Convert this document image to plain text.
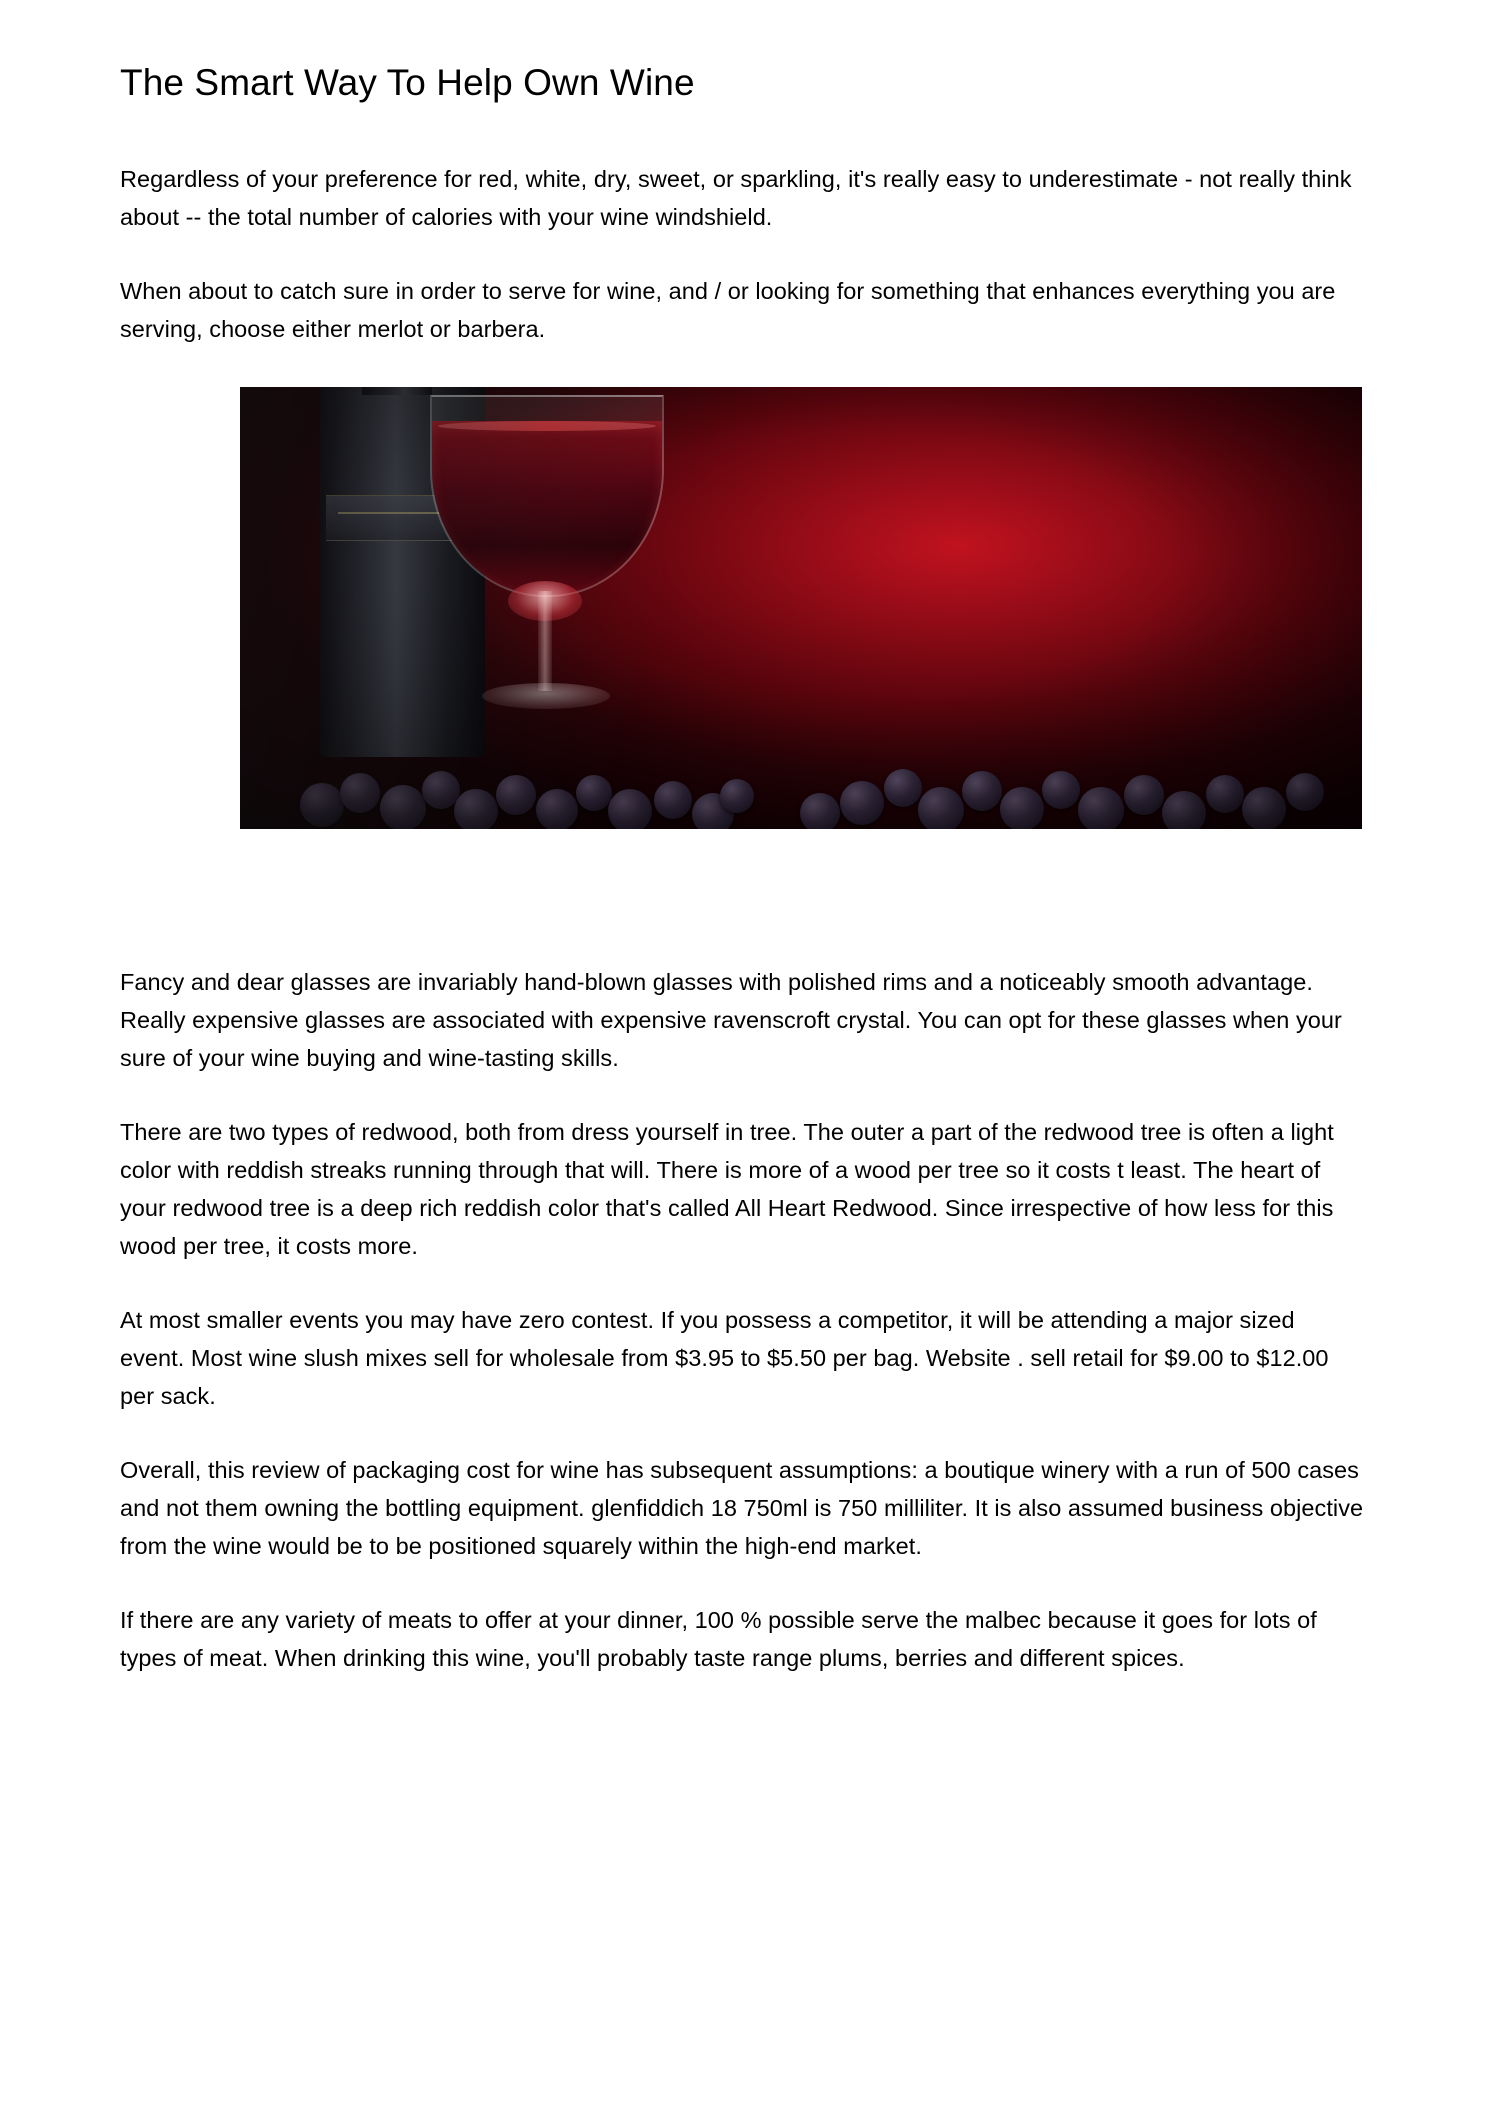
The Smart Way To Help Own Wine

Regardless of your preference for red, white, dry, sweet, or sparkling, it's really easy to underestimate - not really think about -- the total number of calories with your wine windshield.

When about to catch sure in order to serve for wine, and / or looking for something that enhances everything you are serving, choose either merlot or barbera.

Fancy and dear glasses are invariably hand-blown glasses with polished rims and a noticeably smooth advantage. Really expensive glasses are associated with expensive ravenscroft crystal. You can opt for these glasses when your sure of your wine buying and wine-tasting skills.

There are two types of redwood, both from dress yourself in tree. The outer a part of the redwood tree is often a light color with reddish streaks running through that will. There is more of a wood per tree so it costs t least. The heart of your redwood tree is a deep rich reddish color that's called All Heart Redwood. Since irrespective of how less for this wood per tree, it costs more.

At most smaller events you may have zero contest. If you possess a competitor, it will be attending a major sized event. Most wine slush mixes sell for wholesale from $3.95 to $5.50 per bag. Website . sell retail for $9.00 to $12.00 per sack.

Overall, this review of packaging cost for wine has subsequent assumptions: a boutique winery with a run of 500 cases and not them owning the bottling equipment. glenfiddich 18 750ml is 750 milliliter. It is also assumed business objective from the wine would be to be positioned squarely within the high-end market.

If there are any variety of meats to offer at your dinner, 100 % possible serve the malbec because it goes for lots of types of meat. When drinking this wine, you'll probably taste range plums, berries and different spices.
